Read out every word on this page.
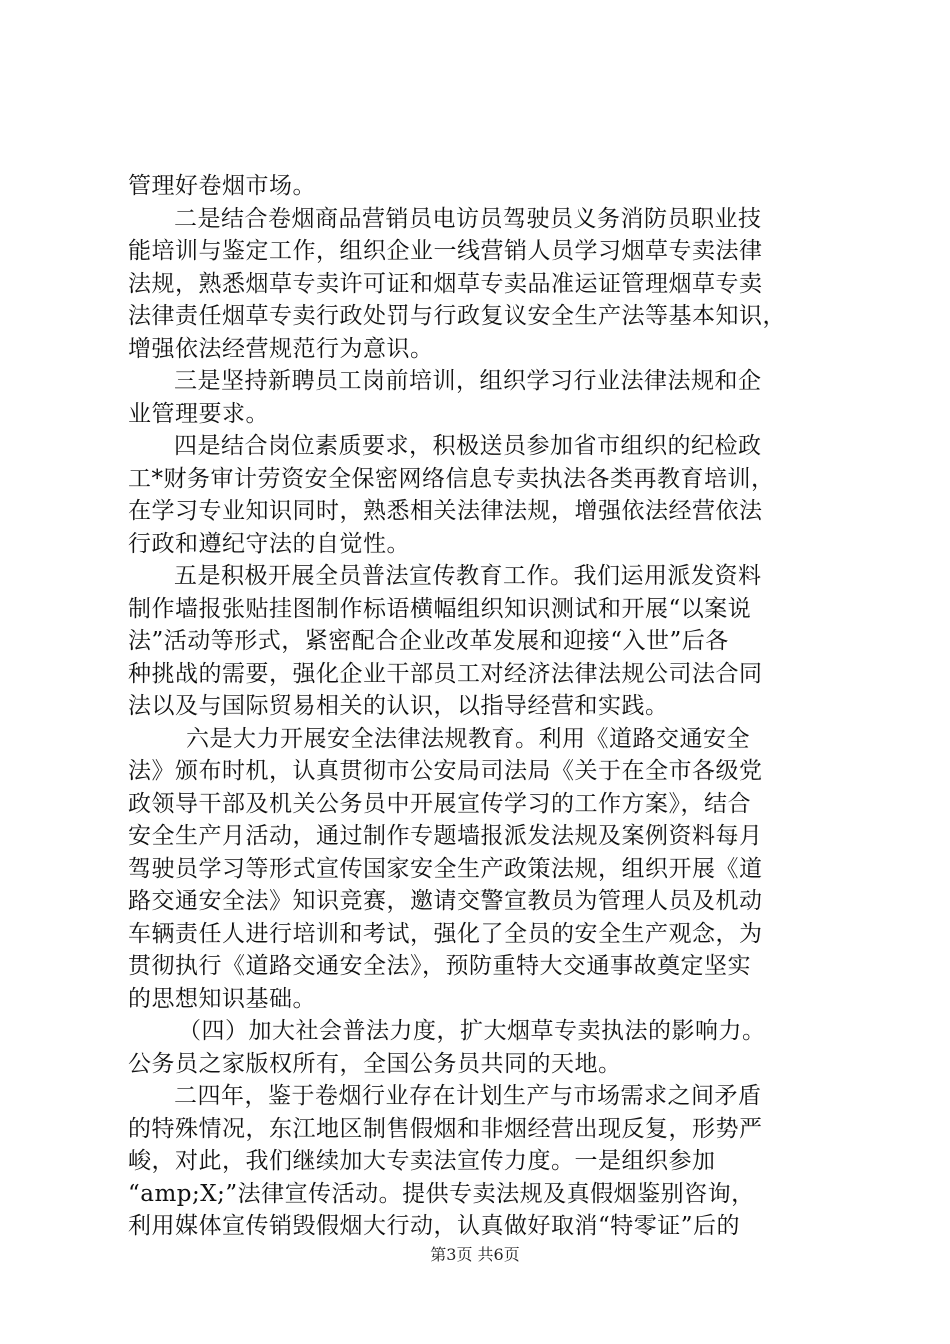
管理好卷烟市场。
二是结合卷烟商品营销员电访员驾驶员义务消防员职业技
能培训与鉴定工作，组织企业一线营销人员学习烟草专卖法律
法规，熟悉烟草专卖许可证和烟草专卖品准运证管理烟草专卖
法律责任烟草专卖行政处罚与行政复议安全生产法等基本知识，
增强依法经营规范行为意识。
三是坚持新聘员工岗前培训，组织学习行业法律法规和企
业管理要求。
四是结合岗位素质要求，积极送员参加省市组织的纪检政
工*财务审计劳资安全保密网络信息专卖执法各类再教育培训，
在学习专业知识同时，熟悉相关法律法规，增强依法经营依法
行政和遵纪守法的自觉性。
五是积极开展全员普法宣传教育工作。我们运用派发资料
制作墙报张贴挂图制作标语横幅组织知识测试和开展“以案说
法”活动等形式，紧密配合企业改革发展和迎接“入世”后各
种挑战的需要，强化企业干部员工对经济法律法规公司法合同
法以及与国际贸易相关的认识，以指导经营和实践。
六是大力开展安全法律法规教育。利用《道路交通安全
法》颁布时机，认真贯彻市公安局司法局《关于在全市各级党
政领导干部及机关公务员中开展宣传学习的工作方案》，结合
安全生产月活动，通过制作专题墙报派发法规及案例资料每月
驾驶员学习等形式宣传国家安全生产政策法规，组织开展《道
路交通安全法》知识竞赛，邀请交警宣教员为管理人员及机动
车辆责任人进行培训和考试，强化了全员的安全生产观念，为
贯彻执行《道路交通安全法》，预防重特大交通事故奠定坚实
的思想知识基础。
（四）加大社会普法力度，扩大烟草专卖执法的影响力。
公务员之家版权所有，全国公务员共同的天地。
二四年，鉴于卷烟行业存在计划生产与市场需求之间矛盾
的特殊情况，东江地区制售假烟和非烟经营出现反复，形势严
峻，对此，我们继续加大专卖法宣传力度。一是组织参加
“amp;X;”法律宣传活动。提供专卖法规及真假烟鉴别咨询，
利用媒体宣传销毁假烟大行动，认真做好取消“特零证”后的
第3页 共6页
